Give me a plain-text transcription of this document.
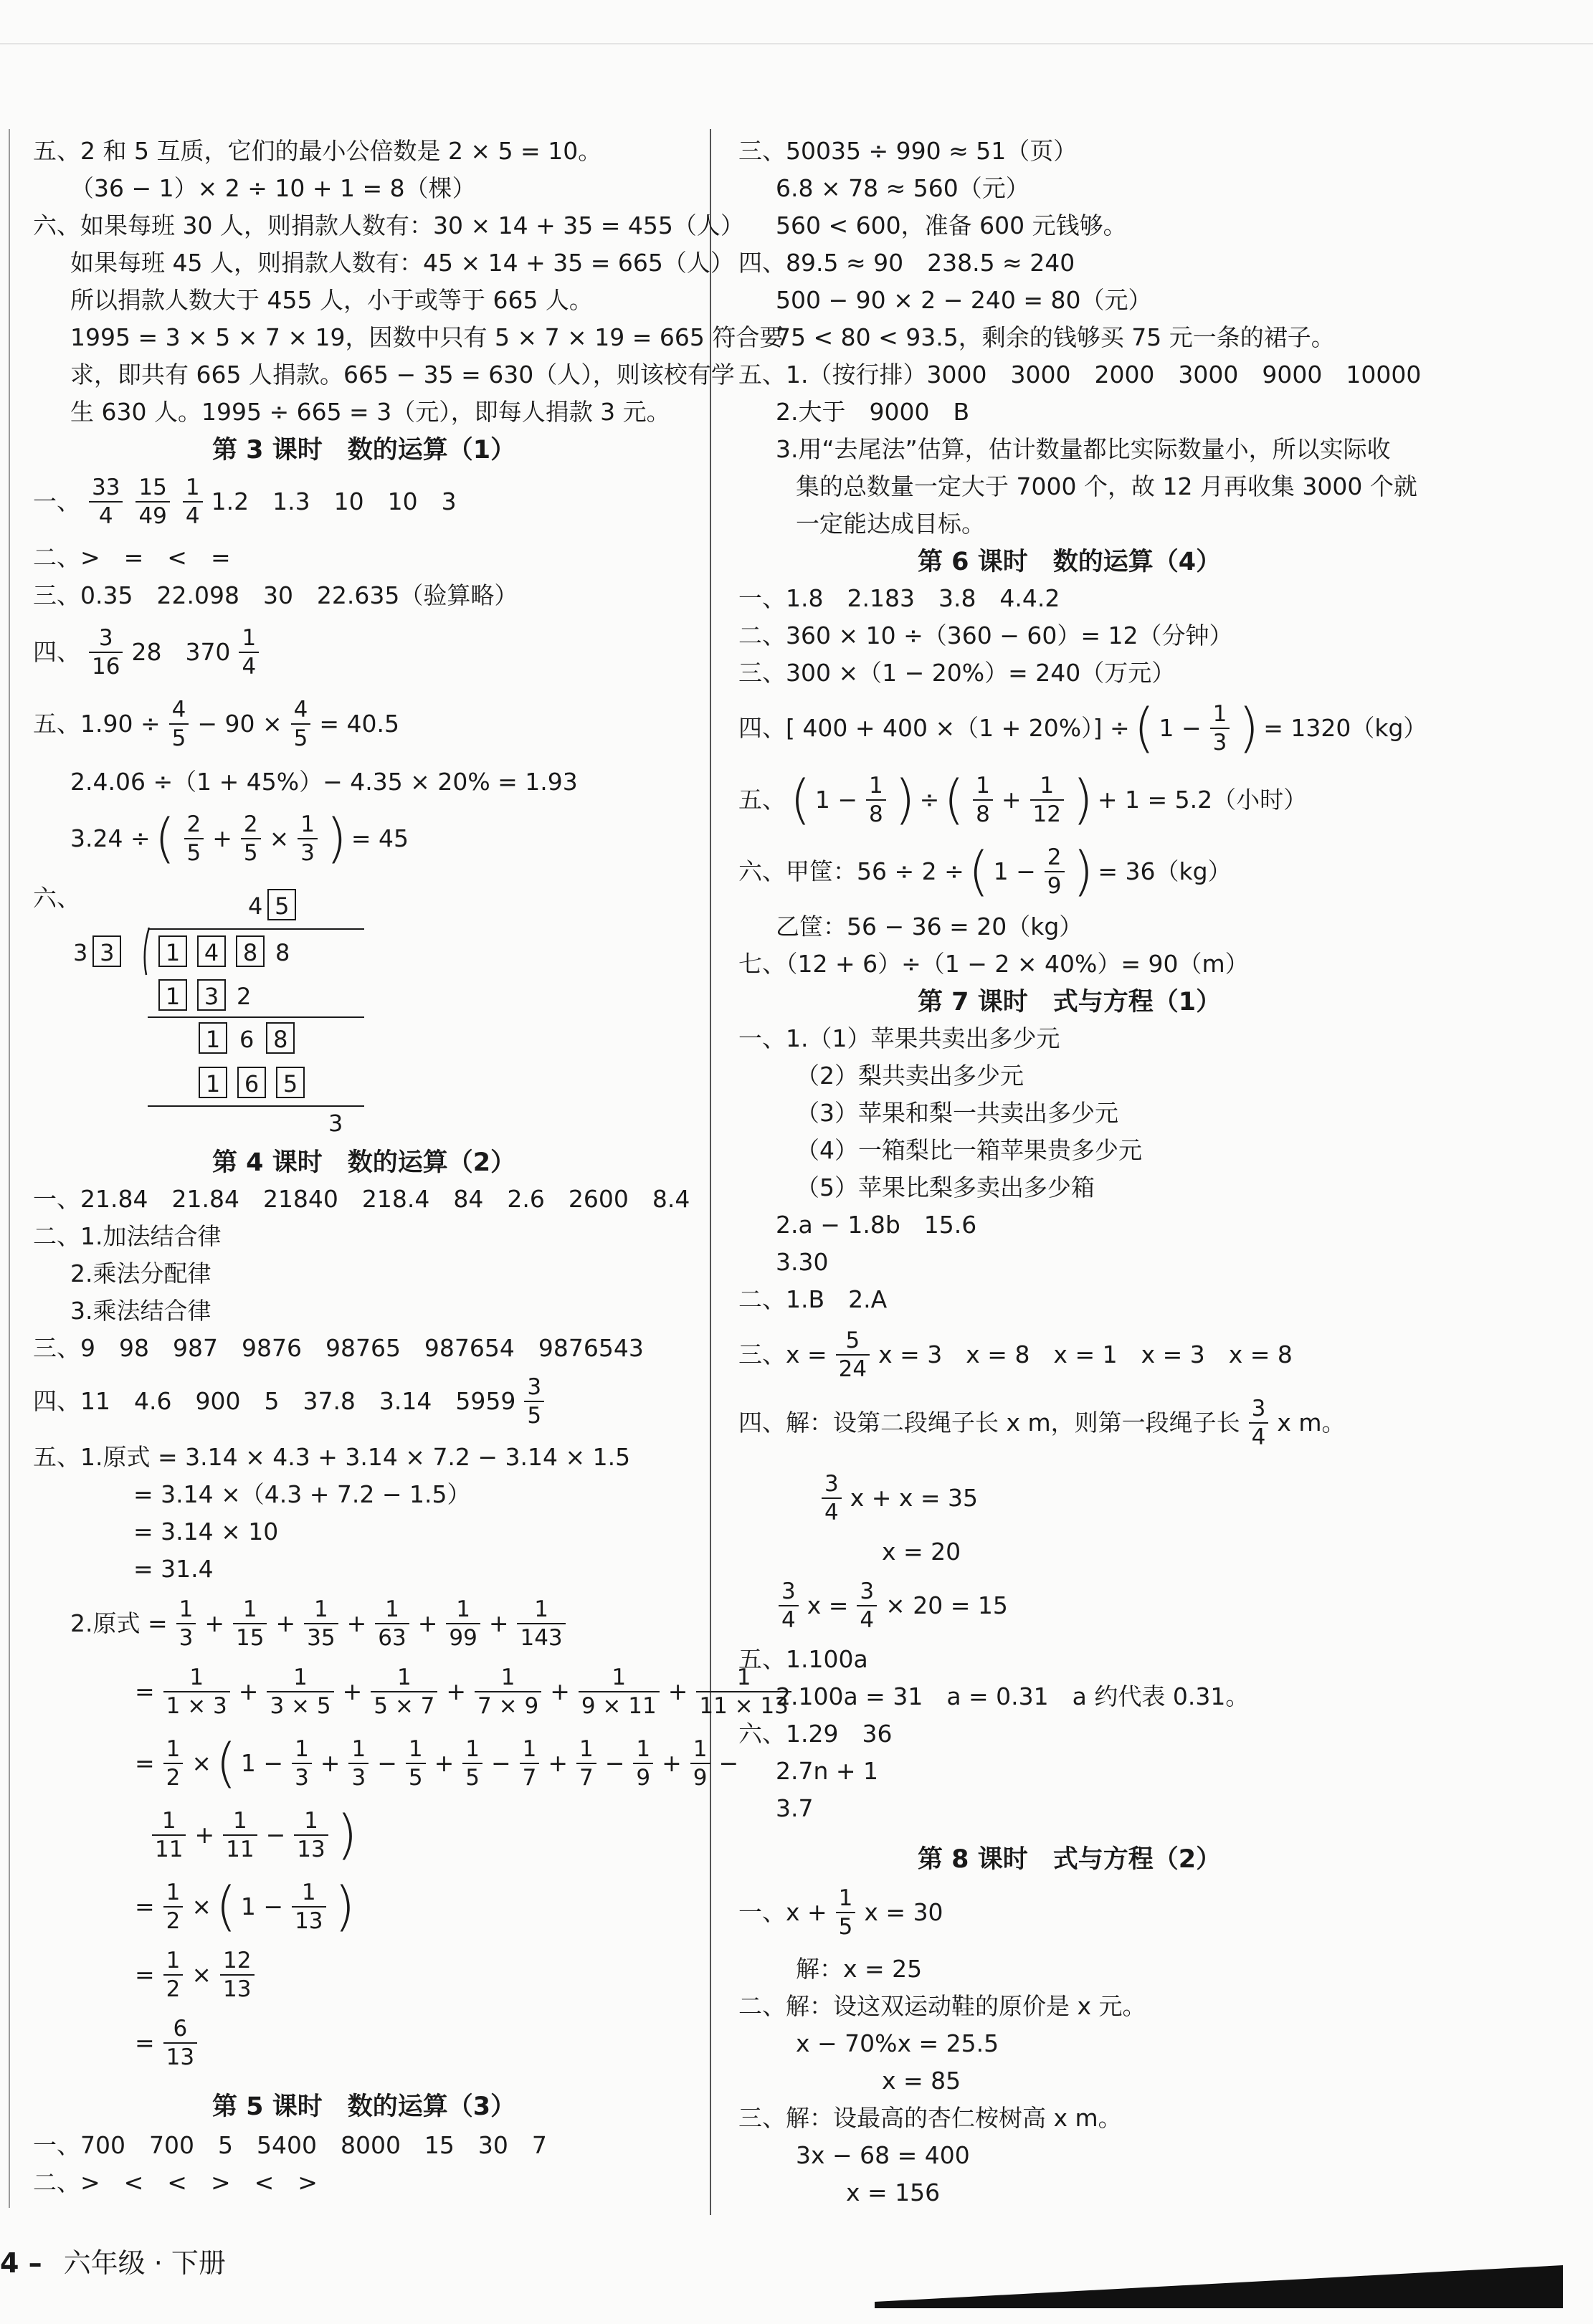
五、2 和 5 互质，它们的最小公倍数是 2 × 5 = 10。
（36 − 1）× 2 ÷ 10 + 1 = 8（棵）
六、如果每班 30 人，则捐款人数有：30 × 14 + 35 = 455（人）
如果每班 45 人，则捐款人数有：45 × 14 + 35 = 665（人）
所以捐款人数大于 455 人，小于或等于 665 人。
1995 = 3 × 5 × 7 × 19，因数中只有 5 × 7 × 19 = 665 符合要
求，即共有 665 人捐款。665 − 35 = 630（人），则该校有学
生 630 人。1995 ÷ 665 = 3（元），即每人捐款 3 元。
第 3 课时　数的运算（1）
一、 $\frac{33}{4} \frac{15}{49} \frac{1}{4} 1.2$　1.3　10　10　3
二、>　=　<　=
三、0.35　22.098　30　22.635（验算略）
四、 $\frac{3}{16} 28$　$370 \frac{1}{4}$
五、$1.90 \div \frac{4}{5} - 90 \times \frac{4}{5} = 40.5$
2.4.06 ÷（1 + 45%）− 4.35 × 20% = 1.93
3.24 ÷ ( $\frac{2}{5} + \frac{2}{5} \times \frac{1}{3}$ ) = 45
六、	4 5
3 3	1 4 8 8
1 3 2
1 6 8
1 6 5
3
第 4 课时　数的运算（2）
一、21.84　21.84　21840　218.4　84　2.6　2600　8.4
二、1.加法结合律
2.乘法分配律
3.乘法结合律
三、9　98　987　9876　98765　987654　9876543
四、11　4.6　900　5　37.8　3.14　$5959 \frac{3}{5}$
五、1.原式 = 3.14 × 4.3 + 3.14 × 7.2 − 3.14 × 1.5
= 3.14 ×（4.3 + 7.2 − 1.5）
= 3.14 × 10
= 31.4
2.原式 = $\frac{1}{3} + \frac{1}{15} + \frac{1}{35} + \frac{1}{63} + \frac{1}{99} + \frac{1}{143}$
= $\frac{1}{1 \times 3} + \frac{1}{3 \times 5} + \frac{1}{5 \times 7} + \frac{1}{7 \times 9} + \frac{1}{9 \times 11} + \frac{1}{11 \times 13}$
= $\frac{1}{2}$ × ( $1 - \frac{1}{3} + \frac{1}{3} - \frac{1}{5} + \frac{1}{5} - \frac{1}{7} + \frac{1}{7} - \frac{1}{9} + \frac{1}{9}$ −
$\frac{1}{11} + \frac{1}{11} - \frac{1}{13}$ )
= $\frac{1}{2}$ × ( $1 - \frac{1}{13}$ )
= $\frac{1}{2} \times \frac{12}{13}$
= $\frac{6}{13}$
第 5 课时　数的运算（3）
一、700　700　5　5400　8000　15　30　7
二、>　<　<　>　<　>
三、50035 ÷ 990 ≈ 51（页）
6.8 × 78 ≈ 560（元）
560 < 600，准备 600 元钱够。
四、89.5 ≈ 90　238.5 ≈ 240
500 − 90 × 2 − 240 = 80（元）
75 < 80 < 93.5，剩余的钱够买 75 元一条的裙子。
五、1.（按行排）3000　3000　2000　3000　9000　10000
2.大于　9000　B
3.用“去尾法”估算，估计数量都比实际数量小，所以实际收
集的总数量一定大于 7000 个，故 12 月再收集 3000 个就
一定能达成目标。
第 6 课时　数的运算（4）
一、1.8　2.183　3.8　4.4.2
二、360 × 10 ÷（360 − 60）= 12（分钟）
三、300 ×（1 − 20%）= 240（万元）
四、[ 400 + 400 ×（1 + 20%）] ÷ ( $1 - \frac{1}{3}$ ) = 1320（kg）
五、 ( $1 - \frac{1}{8}$ ) ÷ ( $\frac{1}{8} + \frac{1}{12}$ ) + 1 = 5.2（小时）
六、甲筐：56 ÷ 2 ÷ ( $1 - \frac{2}{9}$ ) = 36（kg）
乙筐：56 − 36 = 20（kg）
七、（12 + 6）÷（1 − 2 × 40%）= 90（m）
第 7 课时　式与方程（1）
一、1.（1）苹果共卖出多少元
（2）梨共卖出多少元
（3）苹果和梨一共卖出多少元
（4）一箱梨比一箱苹果贵多少元
（5）苹果比梨多卖出多少箱
2.a − 1.8b　15.6
3.30
二、1.B　2.A
三、$x = \frac{5}{24}$ x = 3　x = 8　x = 1　x = 3　x = 8
四、解：设第二段绳子长 x m，则第一段绳子长 $\frac{3}{4}$ x m。
$\frac{3}{4}$ x + x = 35
x = 20
$\frac{3}{4}$ $x = \frac{3}{4} \times 20 = 15$
五、1.100a
2.100a = 31　a = 0.31　a 约代表 0.31。
六、1.29　36
2.7n + 1
3.7
第 8 课时　式与方程（2）
一、$x + \frac{1}{5}$ x = 30
解：x = 25
二、解：设这双运动鞋的原价是 x 元。
x − 70%x = 25.5
x = 85
三、解：设最高的杏仁桉树高 x m。
3x − 68 = 400
x = 156
4 – 六年级 · 下册
